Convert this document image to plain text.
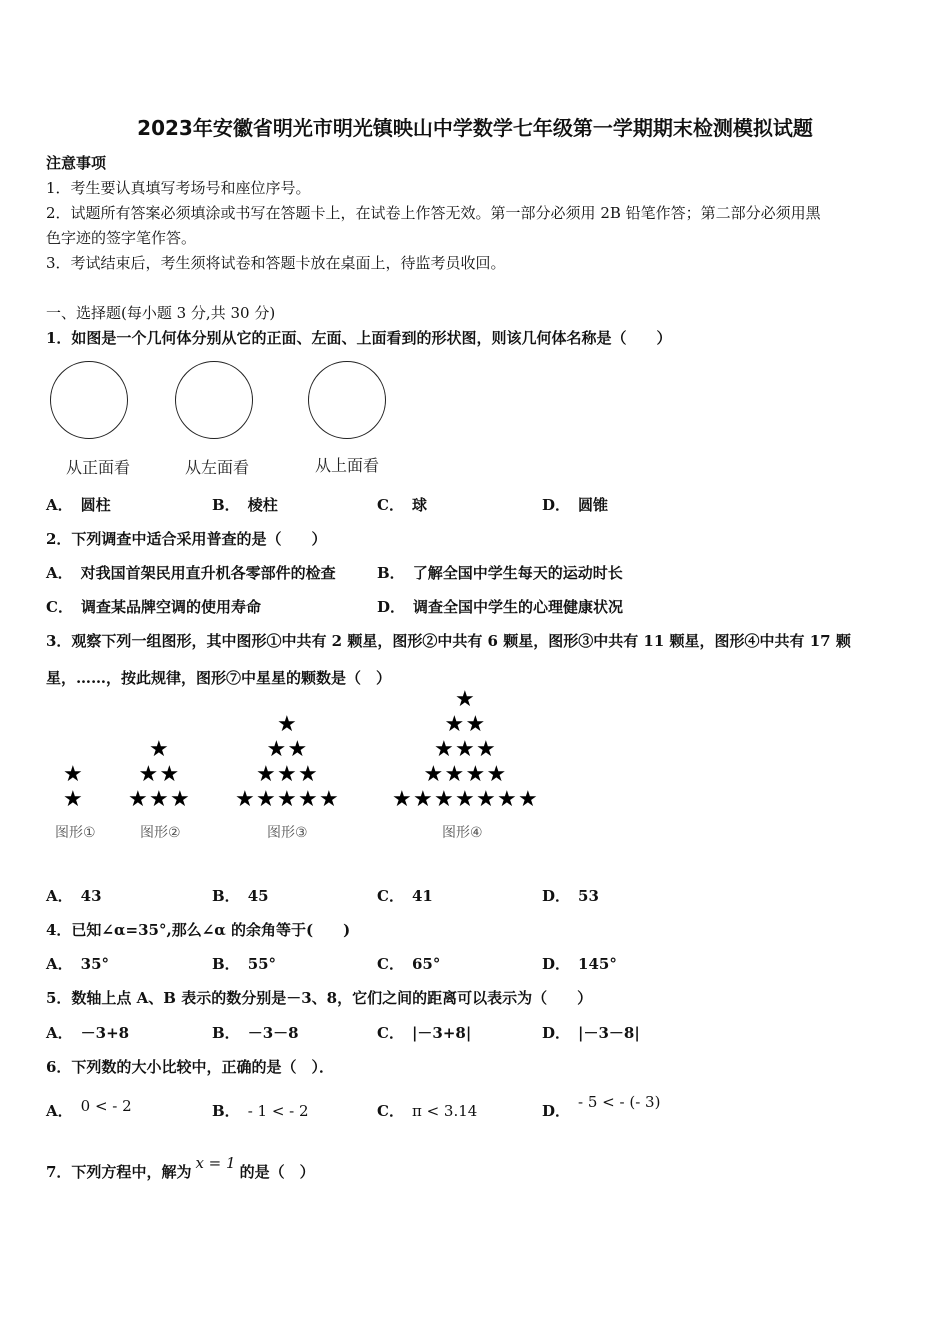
2023年安徽省明光市明光镇映山中学数学七年级第一学期期末检测模拟试题
注意事项
1．考生要认真填写考场号和座位序号。
2．试题所有答案必须填涂或书写在答题卡上，在试卷上作答无效。第一部分必须用 2B 铅笔作答；第二部分必须用黑
色字迹的签字笔作答。
3．考试结束后，考生须将试卷和答题卡放在桌面上，待监考员收回。
一、选择题(每小题 3 分,共 30 分)
1．如图是一个几何体分别从它的正面、左面、上面看到的形状图，则该几何体名称是（　　）
从正面看	从左面看	从上面看
A． 圆柱	B． 棱柱	C． 球	D． 圆锥
2．下列调查中适合采用普查的是（　　）
A． 对我国首架民用直升机各零部件的检查	B． 了解全国中学生每天的运动时长
C． 调查某品牌空调的使用寿命	D． 调查全国中学生的心理健康状况
3．观察下列一组图形，其中图形①中共有 2 颗星，图形②中共有 6 颗星，图形③中共有 11 颗星，图形④中共有 17 颗
星，……，按此规律，图形⑦中星星的颗数是（　）
★
★
★
★ ★
★ ★ ★
★
★ ★
★ ★ ★
★ ★ ★ ★ ★
★
★ ★
★ ★ ★
★ ★ ★ ★
★ ★ ★ ★ ★ ★ ★
图形①	图形②	图形③	图形④
A． 43	B． 45	C． 41	D． 53
4．已知∠α=35°,那么∠α 的余角等于(　　)
A． 35°	B． 55°	C． 65°	D． 145°
5．数轴上点 A、B 表示的数分别是－3、8，它们之间的距离可以表示为（　　）
A． －3+8	B． －3－8	C． |－3+8|	D． |－3－8|
6．下列数的大小比较中，正确的是（　）．
A． 0 < - 2	B． - 1 < - 2	C． π < 3.14	D． - 5 < - (- 3)
7．下列方程中，解为 x = 1 的是（　）
